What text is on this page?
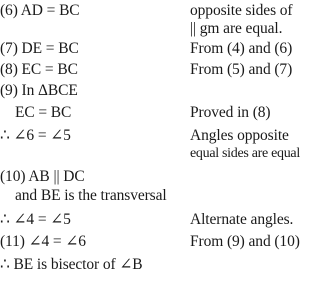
(6) AD = BC	opposite sides of
|| gm are equal.
(7) DE = BC	From (4) and (6)
(8) EC = BC	From (5) and (7)
(9) In ΔBCE
EC = BC	Proved in (8)
∴ ∠6 = ∠5	Angles opposite
equal sides are equal
(10) AB || DC
and BE is the transversal
∴ ∠4 = ∠5	Alternate angles.
(11) ∠4 = ∠6	From (9) and (10)
∴ BE is bisector of ∠B
